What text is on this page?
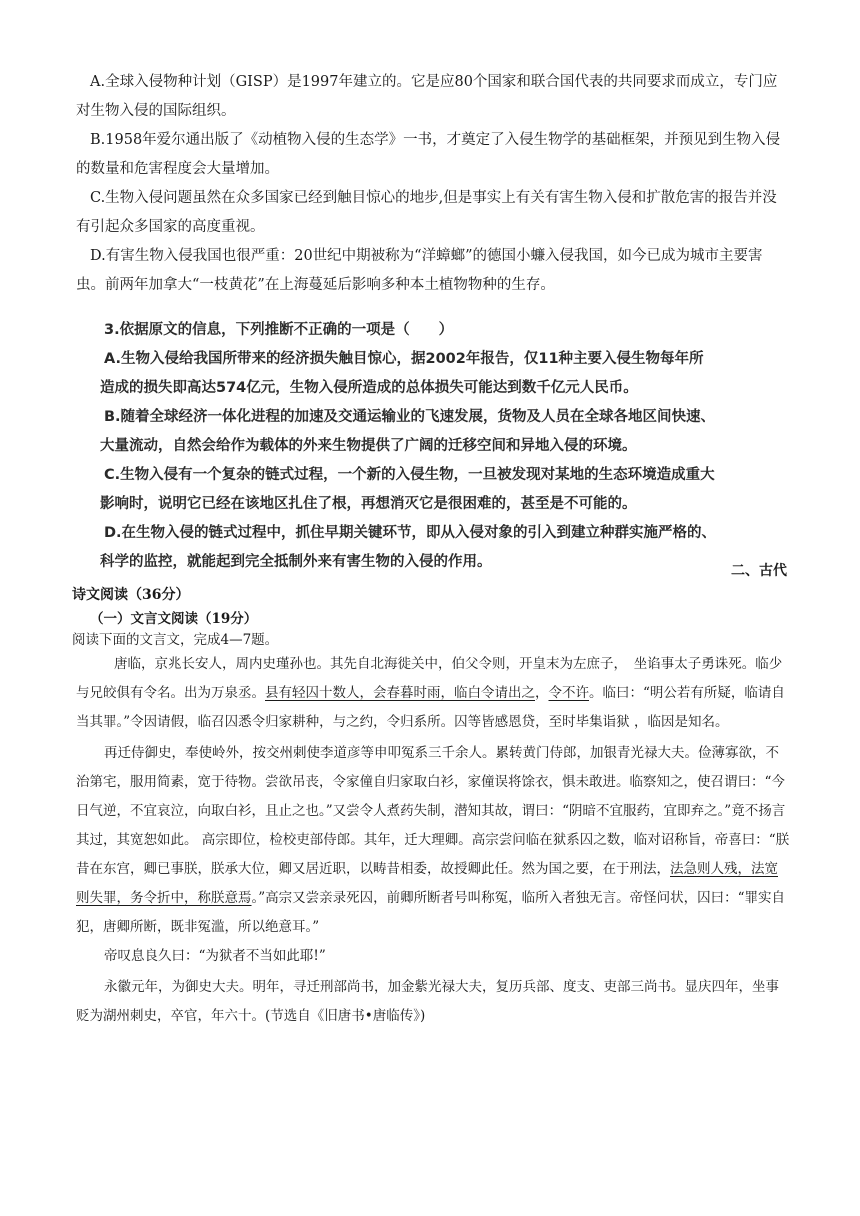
A.全球入侵物种计划（GISP）是1997年建立的。它是应80个国家和联合国代表的共同要求而成立，专门应对生物入侵的国际组织。

B.1958年爱尔通出版了《动植物入侵的生态学》一书，才奠定了入侵生物学的基础框架，并预见到生物入侵的数量和危害程度会大量增加。

C.生物入侵问题虽然在众多国家已经到触目惊心的地步,但是事实上有关有害生物入侵和扩散危害的报告并没有引起众多国家的高度重视。

D.有害生物入侵我国也很严重：20世纪中期被称为“洋蟑螂”的德国小蠊入侵我国，如今已成为城市主要害虫。前两年加拿大“一枝黄花”在上海蔓延后影响多种本土植物物种的生存。

3.依据原文的信息，下列推断不正确的一项是（　　）

A.生物入侵给我国所带来的经济损失触目惊心，据2002年报告，仅11种主要入侵生物每年所

造成的损失即高达574亿元，生物入侵所造成的总体损失可能达到数千亿元人民币。

B.随着全球经济一体化进程的加速及交通运输业的飞速发展，货物及人员在全球各地区间快速、

大量流动，自然会给作为载体的外来生物提供了广阔的迁移空间和异地入侵的环境。

C.生物入侵有一个复杂的链式过程，一个新的入侵生物，一旦被发现对某地的生态环境造成重大

影响时，说明它已经在该地区扎住了根，再想消灭它是很困难的，甚至是不可能的。

D.在生物入侵的链式过程中，抓住早期关键环节，即从入侵对象的引入到建立种群实施严格的、

科学的监控，就能起到完全抵制外来有害生物的入侵的作用。

二、古代
诗文阅读（36分）
（一）文言文阅读（19分）
阅读下面的文言文，完成4—7题。

唐临，京兆长安人，周内史瑾孙也。其先自北海徙关中，伯父令则，开皇末为左庶子，　坐谄事太子勇诛死。临少与兄皎俱有令名。出为万泉丞。县有轻囚十数人，会春暮时雨，临白令请出之，令不许。临曰：“明公若有所疑，临请自当其罪。”令因请假，临召囚悉令归家耕种，与之约，令归系所。囚等皆感恩贷，至时毕集诣狱 ，临因是知名。

再迁侍御史，奉使岭外，按交州刺使李道彦等申叩冤系三千余人。累转黄门侍郎，加银青光禄大夫。俭薄寡欲，不治第宅，服用简素，宽于待物。尝欲吊丧，令家僮自归家取白衫，家僮误将馀衣，惧未敢进。临察知之，使召谓曰：“今日气逆，不宜哀泣，向取白衫，且止之也。”又尝令人煮药失制，潜知其故，谓曰：“阴暗不宜服药，宜即弃之。”竟不扬言其过，其宽恕如此。 高宗即位，检校吏部侍郎。其年，迁大理卿。高宗尝问临在狱系囚之数，临对诏称旨，帝喜曰：“朕昔在东宫，卿已事朕，朕承大位，卿又居近职，以畴昔相委，故授卿此任。然为国之要，在于刑法，法急则人残，法宽则失罪，务令折中，称朕意焉。”高宗又尝亲录死囚，前卿所断者号叫称冤，临所入者独无言。帝怪问状，囚曰：“罪实自犯，唐卿所断，既非冤滥，所以绝意耳。”

帝叹息良久曰：“为狱者不当如此耶!”

永徽元年，为御史大夫。明年，寻迁刑部尚书，加金紫光禄大夫，复历兵部、度支、吏部三尚书。显庆四年，坐事贬为湖州刺史，卒官，年六十。(节选自《旧唐书•唐临传》)
